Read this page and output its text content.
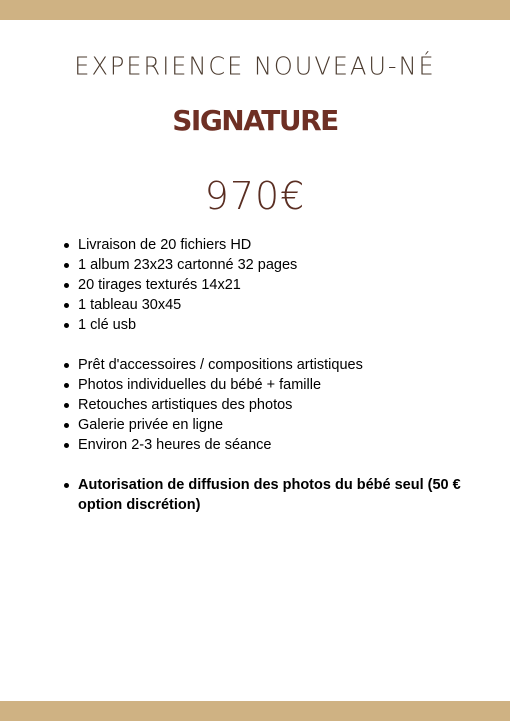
EXPERIENCE NOUVEAU-NÉ
SIGNATURE
970€
Livraison de 20 fichiers HD
1 album 23x23 cartonné 32 pages
20 tirages texturés 14x21
1 tableau 30x45
1 clé usb
Prêt d'accessoires / compositions artistiques
Photos individuelles du bébé + famille
Retouches artistiques des photos
Galerie privée en ligne
Environ 2-3 heures de séance
Autorisation de diffusion des photos du bébé seul (50 € option discrétion)
